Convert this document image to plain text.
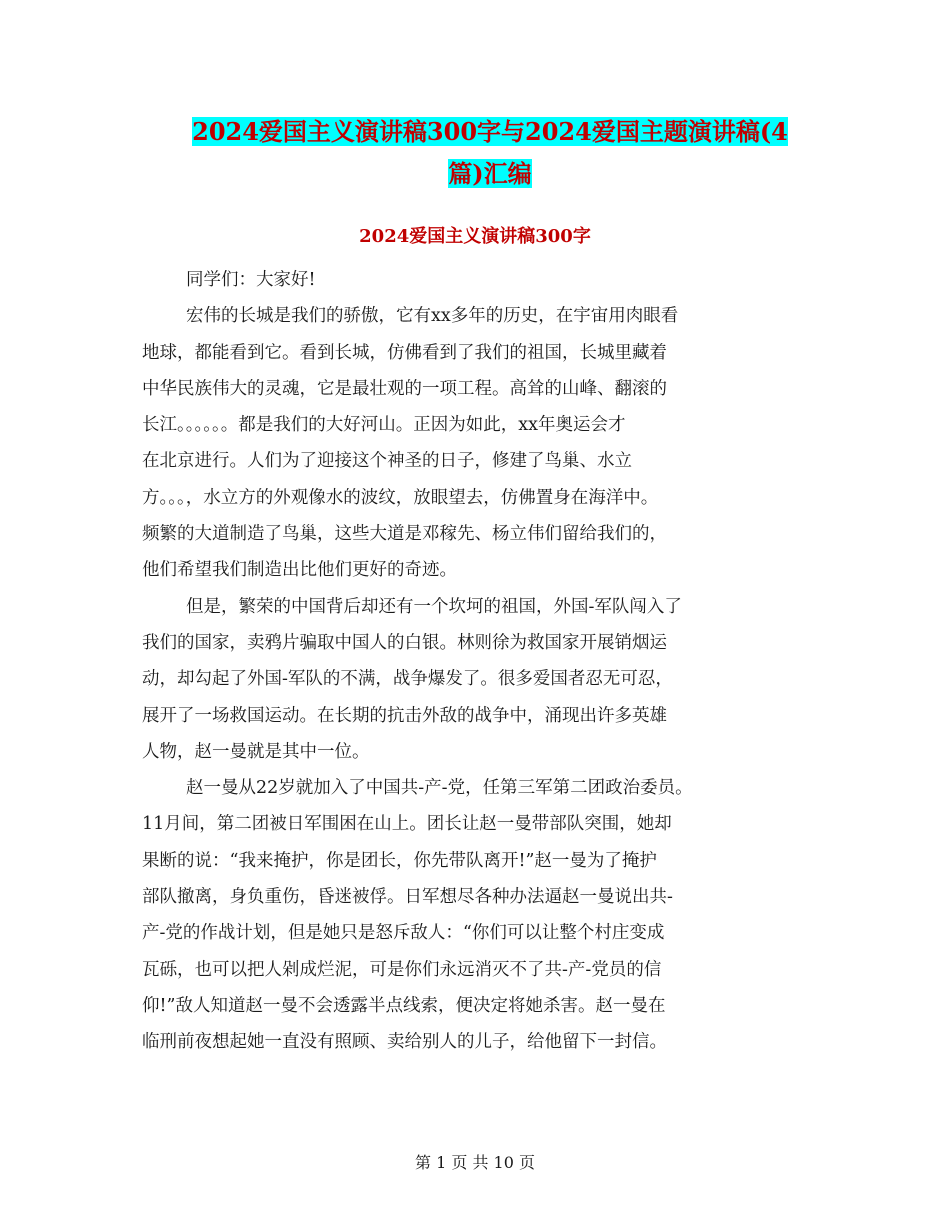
2024爱国主义演讲稿300字与2024爱国主题演讲稿(4
篇)汇编
2024爱国主义演讲稿300字
同学们：大家好!
宏伟的长城是我们的骄傲，它有xx多年的历史，在宇宙用肉眼看
地球，都能看到它。看到长城，仿佛看到了我们的祖国，长城里藏着
中华民族伟大的灵魂，它是最壮观的一项工程。高耸的山峰、翻滚的
长江。。。。。。都是我们的大好河山。正因为如此，xx年奥运会才
在北京进行。人们为了迎接这个神圣的日子，修建了鸟巢、水立
方。。。，水立方的外观像水的波纹，放眼望去，仿佛置身在海洋中。
频繁的大道制造了鸟巢，这些大道是邓稼先、杨立伟们留给我们的，
他们希望我们制造出比他们更好的奇迹。
但是，繁荣的中国背后却还有一个坎坷的祖国，外国-军队闯入了
我们的国家，卖鸦片骗取中国人的白银。林则徐为救国家开展销烟运
动，却勾起了外国-军队的不满，战争爆发了。很多爱国者忍无可忍，
展开了一场救国运动。在长期的抗击外敌的战争中，涌现出许多英雄
人物，赵一曼就是其中一位。
赵一曼从22岁就加入了中国共-产-党，任第三军第二团政治委员。
11月间，第二团被日军围困在山上。团长让赵一曼带部队突围，她却
果断的说：“我来掩护，你是团长，你先带队离开!”赵一曼为了掩护
部队撤离，身负重伤，昏迷被俘。日军想尽各种办法逼赵一曼说出共-
产-党的作战计划，但是她只是怒斥敌人：“你们可以让整个村庄变成
瓦砾，也可以把人剁成烂泥，可是你们永远消灭不了共-产-党员的信
仰!”敌人知道赵一曼不会透露半点线索，便决定将她杀害。赵一曼在
临刑前夜想起她一直没有照顾、卖给别人的儿子，给他留下一封信。
第 1 页 共 10 页
